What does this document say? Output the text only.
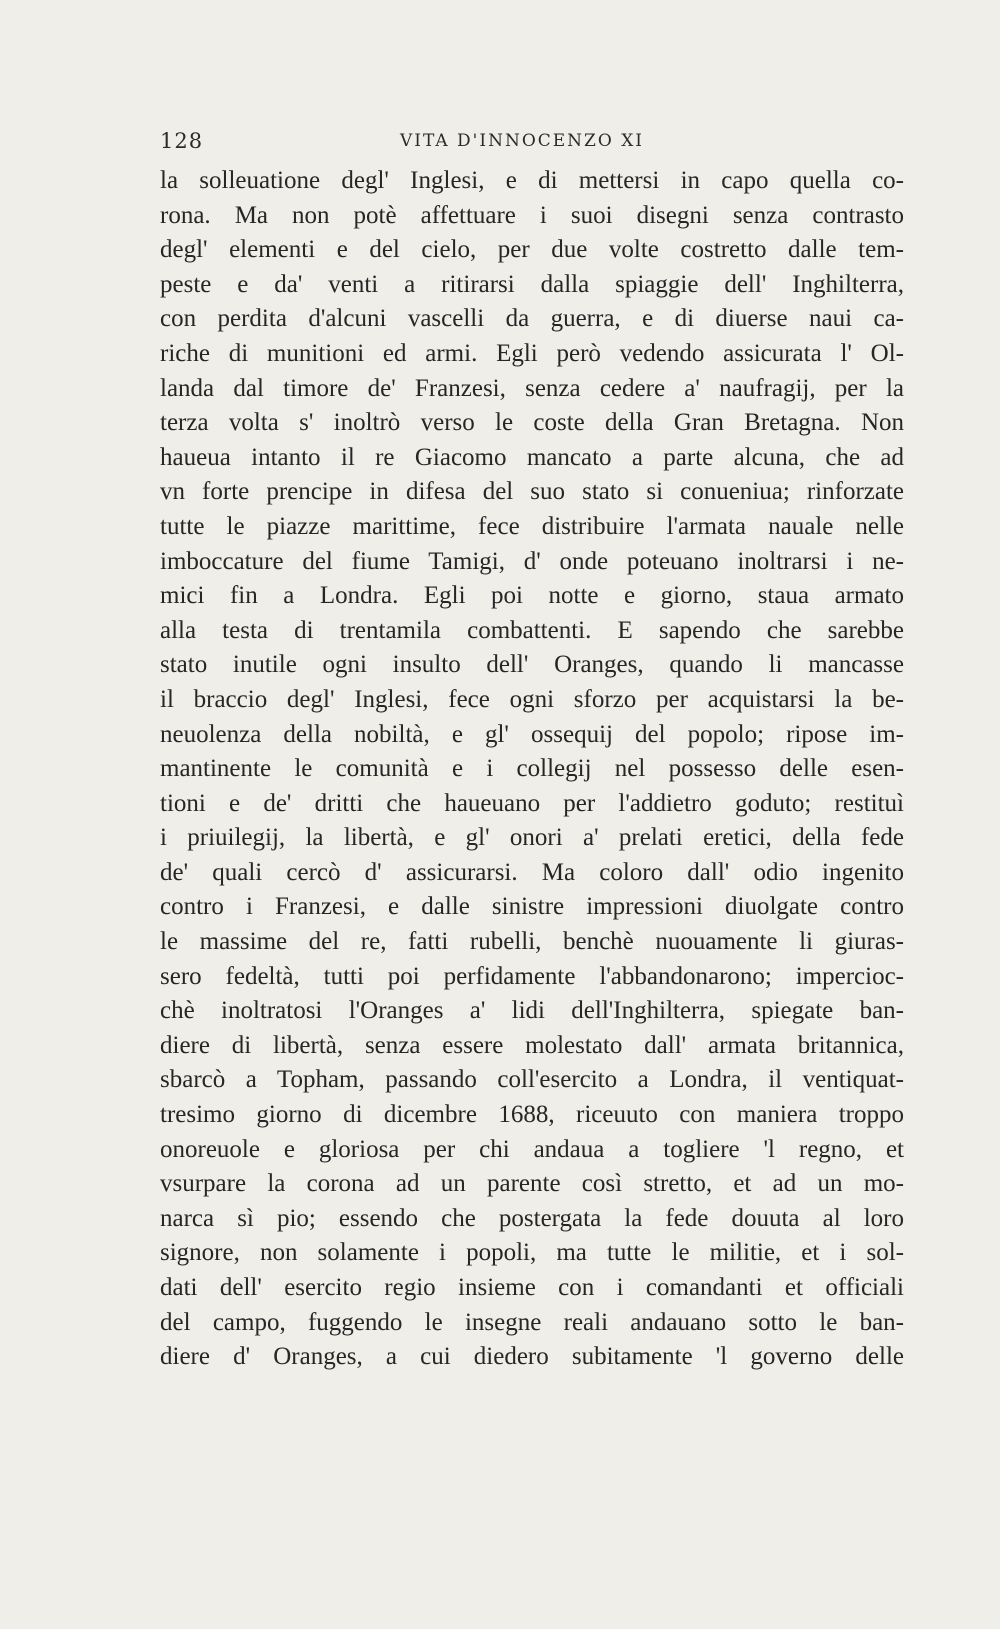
128	VITA D'INNOCENZO XI
la solleuatione degl' Inglesi, e di mettersi in capo quella co-
rona. Ma non potè affettuare i suoi disegni senza contrasto
degl' elementi e del cielo, per due volte costretto dalle tem-
peste e da' venti a ritirarsi dalla spiaggie dell' Inghilterra,
con perdita d'alcuni vascelli da guerra, e di diuerse naui ca-
riche di munitioni ed armi. Egli però vedendo assicurata l' Ol-
landa dal timore de' Franzesi, senza cedere a' naufragij, per la
terza volta s' inoltrò verso le coste della Gran Bretagna. Non
haueua intanto il re Giacomo mancato a parte alcuna, che ad
vn forte prencipe in difesa del suo stato si conueniua; rinforzate
tutte le piazze marittime, fece distribuire l'armata nauale nelle
imboccature del fiume Tamigi, d' onde poteuano inoltrarsi i ne-
mici fin a Londra. Egli poi notte e giorno, staua armato
alla testa di trentamila combattenti. E sapendo che sarebbe
stato inutile ogni insulto dell' Oranges, quando li mancasse
il braccio degl' Inglesi, fece ogni sforzo per acquistarsi la be-
neuolenza della nobiltà, e gl' ossequij del popolo; ripose im-
mantinente le comunità e i collegij nel possesso delle esen-
tioni e de' dritti che haueuano per l'addietro goduto; restituì
i priuilegij, la libertà, e gl' onori a' prelati eretici, della fede
de' quali cercò d' assicurarsi. Ma coloro dall' odio ingenito
contro i Franzesi, e dalle sinistre impressioni diuolgate contro
le massime del re, fatti rubelli, benchè nuouamente li giuras-
sero fedeltà, tutti poi perfidamente l'abbandonarono; impercioc-
chè inoltratosi l'Oranges a' lidi dell'Inghilterra, spiegate ban-
diere di libertà, senza essere molestato dall' armata britannica,
sbarcò a Topham, passando coll'esercito a Londra, il ventiquat-
tresimo giorno di dicembre 1688, riceuuto con maniera troppo
onoreuole e gloriosa per chi andaua a togliere 'l regno, et
vsurpare la corona ad un parente così stretto, et ad un mo-
narca sì pio; essendo che postergata la fede douuta al loro
signore, non solamente i popoli, ma tutte le militie, et i sol-
dati dell' esercito regio insieme con i comandanti et officiali
del campo, fuggendo le insegne reali andauano sotto le ban-
diere d' Oranges, a cui diedero subitamente 'l governo delle
